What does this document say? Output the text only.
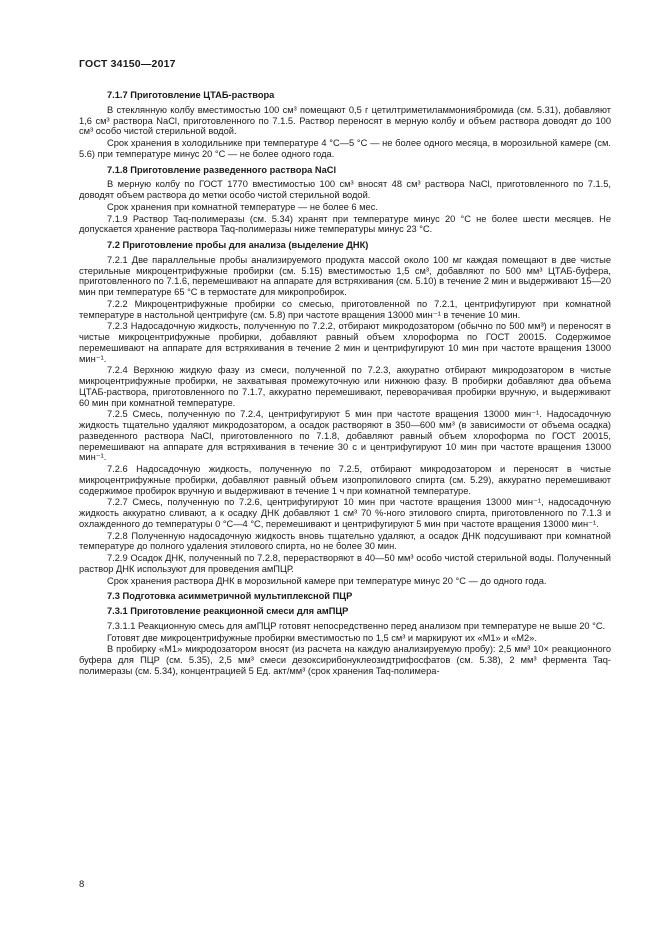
ГОСТ 34150—2017
7.1.7 Приготовление ЦТАБ-раствора
В стеклянную колбу вместимостью 100 см³ помещают 0,5 г цетилтриметиламмониябромида (см. 5.31), добавляют 1,6 см³ раствора NaCl, приготовленного по 7.1.5. Раствор переносят в мерную колбу и объем раствора доводят до 100 см³ особо чистой стерильной водой.
Срок хранения в холодильнике при температуре 4 °С—5 °С — не более одного месяца, в морозильной камере (см. 5.6) при температуре минус 20 °С — не более одного года.
7.1.8 Приготовление разведенного раствора NaCl
В мерную колбу по ГОСТ 1770 вместимостью 100 см³ вносят 48 см³ раствора NaCl, приготовленного по 7.1.5, доводят объем раствора до метки особо чистой стерильной водой.
Срок хранения при комнатной температуре — не более 6 мес.
7.1.9 Раствор Taq-полимеразы (см. 5.34) хранят при температуре минус 20 °С не более шести месяцев. Не допускается хранение раствора Taq-полимеразы ниже температуры минус 23 °С.
7.2 Приготовление пробы для анализа (выделение ДНК)
7.2.1 Две параллельные пробы анализируемого продукта массой около 100 мг каждая помещают в две чистые стерильные микроцентрифужные пробирки (см. 5.15) вместимостью 1,5 см³, добавляют по 500 мм³ ЦТАБ-буфера, приготовленного по 7.1.6, перемешивают на аппарате для встряхивания (см. 5.10) в течение 2 мин и выдерживают 15—20 мин при температуре 65 °С в термостате для микропробирок.
7.2.2 Микроцентрифужные пробирки со смесью, приготовленной по 7.2.1, центрифугируют при комнатной температуре в настольной центрифуге (см. 5.8) при частоте вращения 13000 мин⁻¹ в течение 10 мин.
7.2.3 Надосадочную жидкость, полученную по 7.2.2, отбирают микродозатором (обычно по 500 мм³) и переносят в чистые микроцентрифужные пробирки, добавляют равный объем хлороформа по ГОСТ 20015. Содержимое перемешивают на аппарате для встряхивания в течение 2 мин и центрифугируют 10 мин при частоте вращения 13000 мин⁻¹.
7.2.4 Верхнюю жидкую фазу из смеси, полученной по 7.2.3, аккуратно отбирают микродозатором в чистые микроцентрифужные пробирки, не захватывая промежуточную или нижнюю фазу. В пробирки добавляют два объема ЦТАБ-раствора, приготовленного по 7.1.7, аккуратно перемешивают, переворачивая пробирки вручную, и выдерживают 60 мин при комнатной температуре.
7.2.5 Смесь, полученную по 7.2.4, центрифугируют 5 мин при частоте вращения 13000 мин⁻¹. Надосадочную жидкость тщательно удаляют микродозатором, а осадок растворяют в 350—600 мм³ (в зависимости от объема осадка) разведенного раствора NaCl, приготовленного по 7.1.8, добавляют равный объем хлороформа по ГОСТ 20015, перемешивают на аппарате для встряхивания в течение 30 с и центрифугируют 10 мин при частоте вращения 13000 мин⁻¹.
7.2.6 Надосадочную жидкость, полученную по 7.2.5, отбирают микродозатором и переносят в чистые микроцентрифужные пробирки, добавляют равный объем изопропилового спирта (см. 5.29), аккуратно перемешивают содержимое пробирок вручную и выдерживают в течение 1 ч при комнатной температуре.
7.2.7 Смесь, полученную по 7.2.6, центрифугируют 10 мин при частоте вращения 13000 мин⁻¹, надосадочную жидкость аккуратно сливают, а к осадку ДНК добавляют 1 см³ 70 %-ного этилового спирта, приготовленного по 7.1.3 и охлажденного до температуры 0 °С—4 °С, перемешивают и центрифугируют 5 мин при частоте вращения 13000 мин⁻¹.
7.2.8 Полученную надосадочную жидкость вновь тщательно удаляют, а осадок ДНК подсушивают при комнатной температуре до полного удаления этилового спирта, но не более 30 мин.
7.2.9 Осадок ДНК, полученный по 7.2.8, перерастворяют в 40—50 мм³ особо чистой стерильной воды. Полученный раствор ДНК используют для проведения амПЦР.
Срок хранения раствора ДНК в морозильной камере при температуре минус 20 °С — до одного года.
7.3 Подготовка асимметричной мультиплексной ПЦР
7.3.1 Приготовление реакционной смеси для амПЦР
7.3.1.1 Реакционную смесь для амПЦР готовят непосредственно перед анализом при температуре не выше 20 °С.
Готовят две микроцентрифужные пробирки вместимостью по 1,5 см³ и маркируют их «М1» и «М2».
В пробирку «М1» микродозатором вносят (из расчета на каждую анализируемую пробу): 2,5 мм³ 10× реакционного буфера для ПЦР (см. 5.35), 2,5 мм³ смеси дезоксирибонуклеозидтрифосфатов (см. 5.38), 2 мм³ фермента Taq-полимеразы (см. 5.34), концентрацией 5 Ед. акт/мм³ (срок хранения Taq-полимера-
8
